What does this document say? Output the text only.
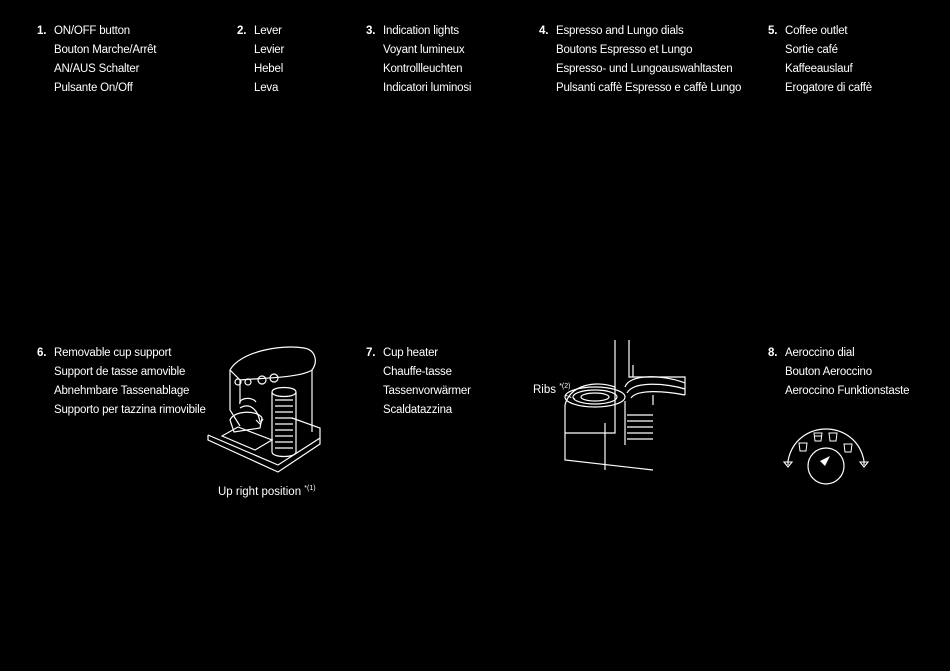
1. ON/OFF button
Bouton Marche/Arrêt
AN/AUS Schalter
Pulsante On/Off
2. Lever
Levier
Hebel
Leva
3. Indication lights
Voyant lumineux
Kontrollleuchten
Indicatori luminosi
4. Espresso and Lungo dials
Boutons Espresso et Lungo
Espresso- und Lungoauswahltasten
Pulsanti caffè Espresso e caffè Lungo
5. Coffee outlet
Sortie café
Kaffeeauslauf
Erogatore di caffè
6. Removable cup support
Support de tasse amovible
Abnehmbare Tassenablage
Supporto per tazzina rimovibile
7. Cup heater
Chauffe-tasse
Tassenvorwärmer
Scaldatazzina
8. Aeroccino dial
Bouton Aeroccino
Aeroccino Funktionstaste
Up right position $^{*(1)}$
Ribs $^{*(2)}$
